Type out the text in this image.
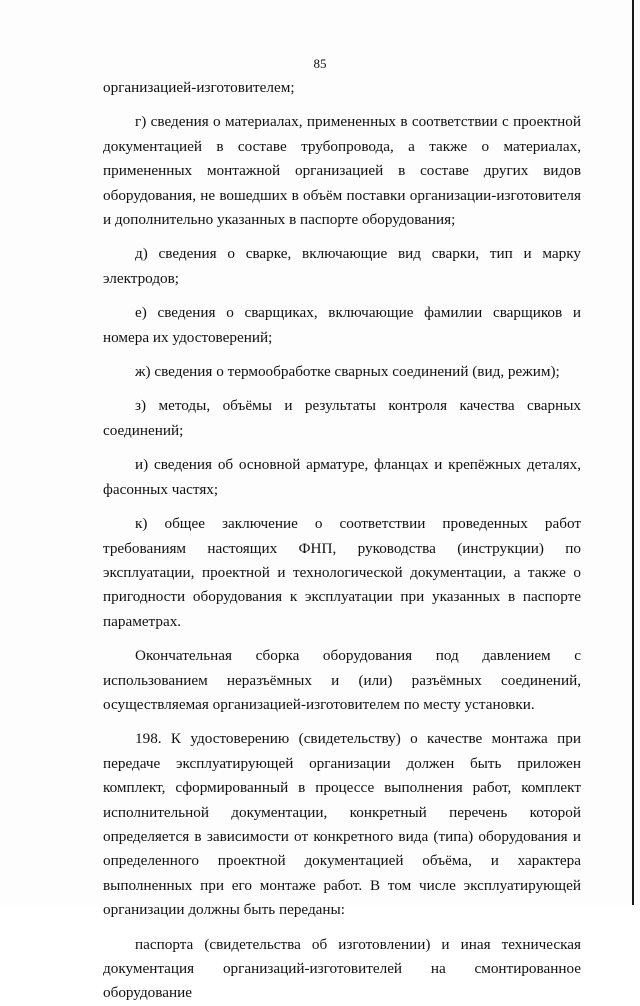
85

организацией-изготовителем;

г) сведения о материалах, примененных в соответствии с проектной документацией в составе трубопровода, а также о материалах, примененных монтажной организацией в составе других видов оборудования, не вошедших в объём поставки организации-изготовителя и дополнительно указанных в паспорте оборудования;

д) сведения о сварке, включающие вид сварки, тип и марку электродов;

е) сведения о сварщиках, включающие фамилии сварщиков и номера их удостоверений;

ж) сведения о термообработке сварных соединений (вид, режим);

з) методы, объёмы и результаты контроля качества сварных соединений;

и) сведения об основной арматуре, фланцах и крепёжных деталях, фасонных частях;

к) общее заключение о соответствии проведенных работ требованиям настоящих ФНП, руководства (инструкции) по эксплуатации, проектной и технологической документации, а также о пригодности оборудования к эксплуатации при указанных в паспорте параметрах.

Окончательная сборка оборудования под давлением с использованием неразъёмных и (или) разъёмных соединений, осуществляемая организацией-изготовителем по месту установки.

198. К удостоверению (свидетельству) о качестве монтажа при передаче эксплуатирующей организации должен быть приложен комплект, сформированный в процессе выполнения работ, комплект исполнительной документации, конкретный перечень которой определяется в зависимости от конкретного вида (типа) оборудования и определенного проектной документацией объёма, и характера выполненных при его монтаже работ. В том числе эксплуатирующей организации должны быть переданы:

паспорта (свидетельства об изготовлении) и иная техническая документация организаций-изготовителей на смонтированное оборудование
